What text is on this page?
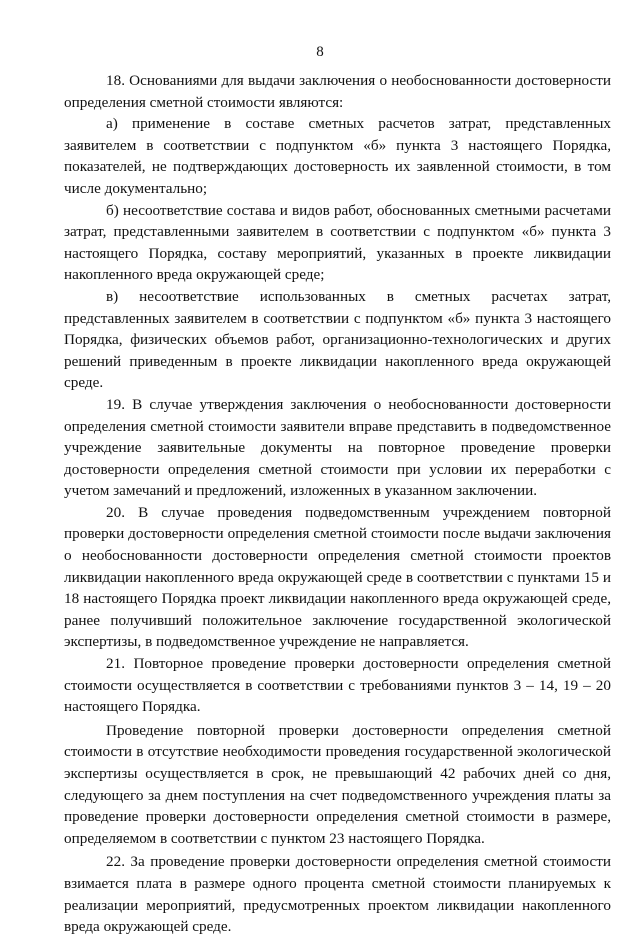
8

18. Основаниями для выдачи заключения о необоснованности достоверности определения сметной стоимости являются:

а) применение в составе сметных расчетов затрат, представленных заявителем в соответствии с подпунктом «б» пункта 3 настоящего Порядка, показателей, не подтверждающих достоверность их заявленной стоимости, в том числе документально;

б) несоответствие состава и видов работ, обоснованных сметными расчетами затрат, представленными заявителем в соответствии с подпунктом «б» пункта 3 настоящего Порядка, составу мероприятий, указанных в проекте ликвидации накопленного вреда окружающей среде;

в) несоответствие использованных в сметных расчетах затрат, представленных заявителем в соответствии с подпунктом «б» пункта 3 настоящего Порядка, физических объемов работ, организационно-технологических и других решений приведенным в проекте ликвидации накопленного вреда окружающей среде.

19. В случае утверждения заключения о необоснованности достоверности определения сметной стоимости заявители вправе представить в подведомственное учреждение заявительные документы на повторное проведение проверки достоверности определения сметной стоимости при условии их переработки с учетом замечаний и предложений, изложенных в указанном заключении.

20. В случае проведения подведомственным учреждением повторной проверки достоверности определения сметной стоимости после выдачи заключения о необоснованности достоверности определения сметной стоимости проектов ликвидации накопленного вреда окружающей среде в соответствии с пунктами 15 и 18 настоящего Порядка проект ликвидации накопленного вреда окружающей среде, ранее получивший положительное заключение государственной экологической экспертизы, в подведомственное учреждение не направляется.

21. Повторное проведение проверки достоверности определения сметной стоимости осуществляется в соответствии с требованиями пунктов 3 – 14, 19 – 20 настоящего Порядка.

Проведение повторной проверки достоверности определения сметной стоимости в отсутствие необходимости проведения государственной экологической экспертизы осуществляется в срок, не превышающий 42 рабочих дней со дня, следующего за днем поступления на счет подведомственного учреждения платы за проведение проверки достоверности определения сметной стоимости в размере, определяемом в соответствии с пунктом 23 настоящего Порядка.

22. За проведение проверки достоверности определения сметной стоимости взимается плата в размере одного процента сметной стоимости планируемых к реализации мероприятий, предусмотренных проектом ликвидации накопленного вреда окружающей среде.
